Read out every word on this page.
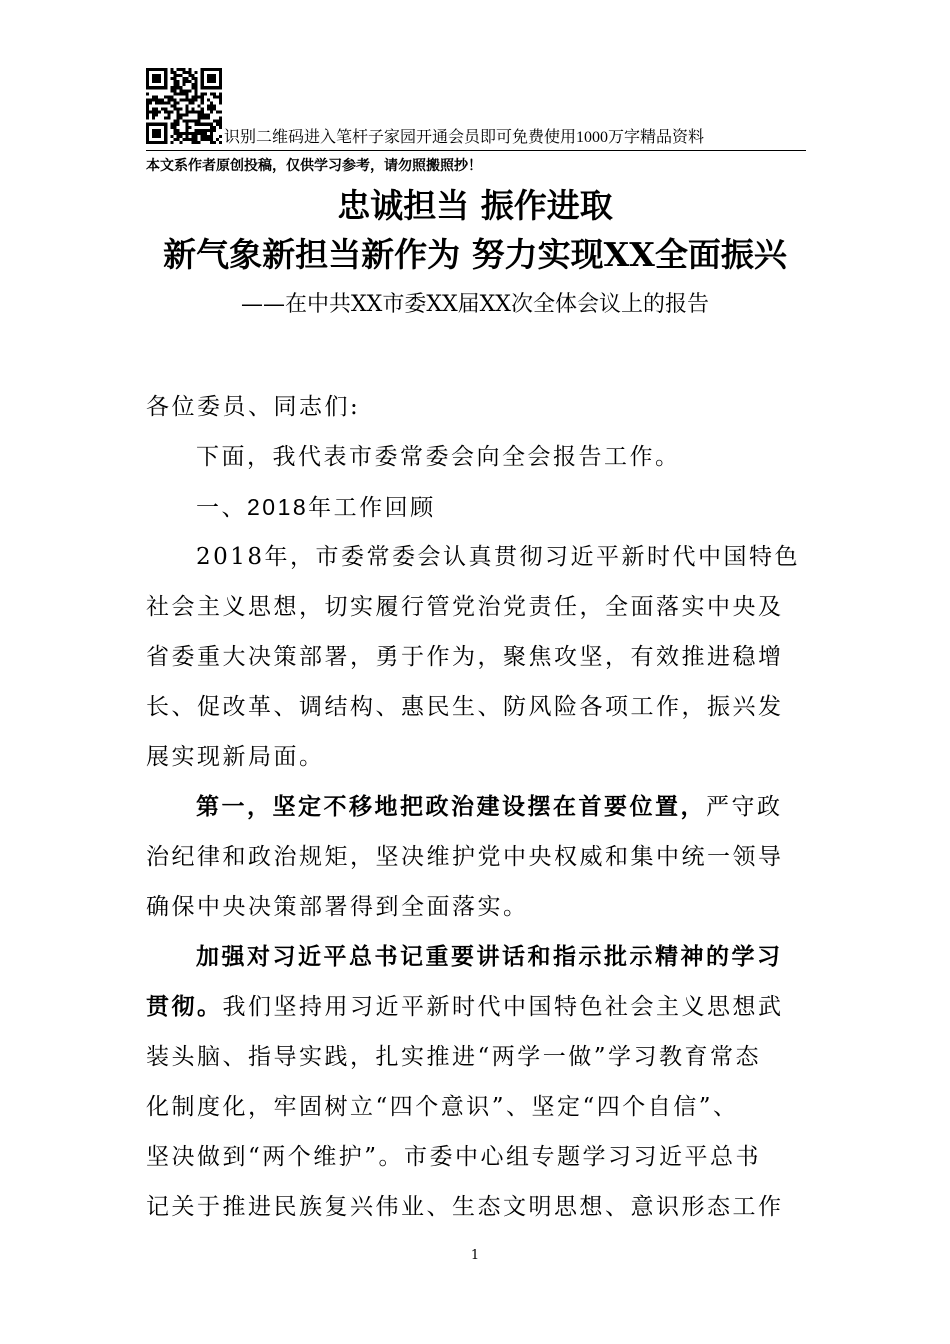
识别二维码进入笔杆子家园开通会员即可免费使用1000万字精品资料
本文系作者原创投稿，仅供学习参考，请勿照搬照抄！
忠诚担当 振作进取
新气象新担当新作为 努力实现XX全面振兴
——在中共XX市委XX届XX次全体会议上的报告
各位委员、同志们:
下面，我代表市委常委会向全会报告工作。
一、2018年工作回顾
2018年，市委常委会认真贯彻习近平新时代中国特色
社会主义思想，切实履行管党治党责任，全面落实中央及
省委重大决策部署，勇于作为，聚焦攻坚，有效推进稳增
长、促改革、调结构、惠民生、防风险各项工作，振兴发
展实现新局面。
第一，坚定不移地把政治建设摆在首要位置，严守政
治纪律和政治规矩，坚决维护党中央权威和集中统一领导
确保中央决策部署得到全面落实。
加强对习近平总书记重要讲话和指示批示精神的学习
贯彻。我们坚持用习近平新时代中国特色社会主义思想武
装头脑、指导实践，扎实推进“两学一做”学习教育常态
化制度化，牢固树立“四个意识”、坚定“四个自信”、
坚决做到“两个维护”。市委中心组专题学习习近平总书
记关于推进民族复兴伟业、生态文明思想、意识形态工作
1
